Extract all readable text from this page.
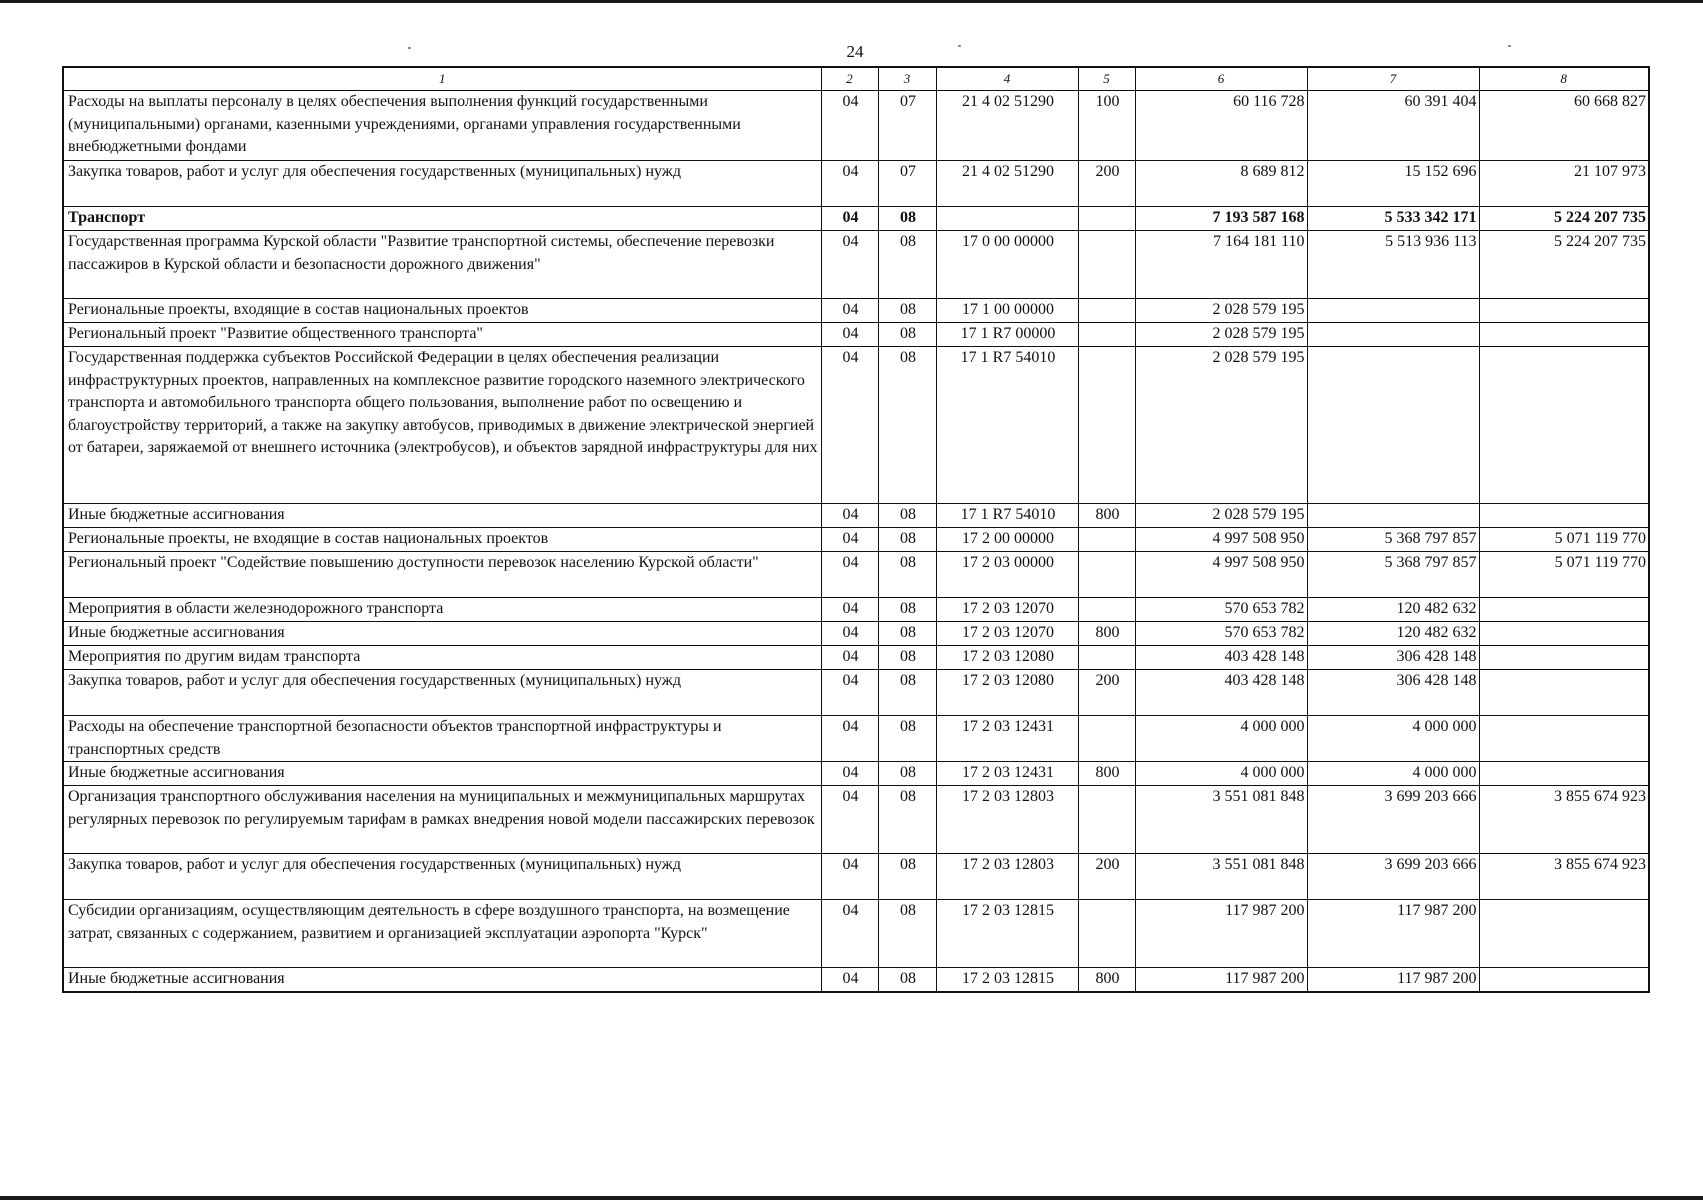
24
1	2	3	4	5	6	7	8
Расходы на выплаты персоналу в целях обеспечения выполнения функций государственными (муниципальными) органами, казенными учреждениями, органами управления государственными внебюджетными фондами	04	07	21 4 02 51290	100	60 116 728	60 391 404	60 668 827
Закупка товаров, работ и услуг для обеспечения государственных (муниципальных) нужд	04	07	21 4 02 51290	200	8 689 812	15 152 696	21 107 973
Транспорт	04	08			7 193 587 168	5 533 342 171	5 224 207 735
Государственная программа Курской области "Развитие транспортной системы, обеспечение перевозки пассажиров в Курской области и безопасности дорожного движения"	04	08	17 0 00 00000		7 164 181 110	5 513 936 113	5 224 207 735
Региональные проекты, входящие в состав национальных проектов	04	08	17 1 00 00000		2 028 579 195		
Региональный проект "Развитие общественного транспорта"	04	08	17 1 R7 00000		2 028 579 195		
Государственная поддержка субъектов Российской Федерации в целях обеспечения реализации инфраструктурных проектов, направленных на комплексное развитие городского наземного электрического транспорта и автомобильного транспорта общего пользования, выполнение работ по освещению и благоустройству территорий, а также на закупку автобусов, приводимых в движение электрической энергией от батареи, заряжаемой от внешнего источника (электробусов), и объектов зарядной инфраструктуры для них	04	08	17 1 R7 54010		2 028 579 195		
Иные бюджетные ассигнования	04	08	17 1 R7 54010	800	2 028 579 195		
Региональные проекты, не входящие в состав национальных проектов	04	08	17 2 00 00000		4 997 508 950	5 368 797 857	5 071 119 770
Региональный проект "Содействие повышению доступности перевозок населению Курской области"	04	08	17 2 03 00000		4 997 508 950	5 368 797 857	5 071 119 770
Мероприятия в области железнодорожного транспорта	04	08	17 2 03 12070		570 653 782	120 482 632	
Иные бюджетные ассигнования	04	08	17 2 03 12070	800	570 653 782	120 482 632	
Мероприятия по другим видам транспорта	04	08	17 2 03 12080		403 428 148	306 428 148	
Закупка товаров, работ и услуг для обеспечения государственных (муниципальных) нужд	04	08	17 2 03 12080	200	403 428 148	306 428 148	
Расходы на обеспечение транспортной безопасности объектов транспортной инфраструктуры и транспортных средств	04	08	17 2 03 12431		4 000 000	4 000 000	
Иные бюджетные ассигнования	04	08	17 2 03 12431	800	4 000 000	4 000 000	
Организация транспортного обслуживания населения на муниципальных и межмуниципальных маршрутах регулярных перевозок по регулируемым тарифам в рамках внедрения новой модели пассажирских перевозок	04	08	17 2 03 12803		3 551 081 848	3 699 203 666	3 855 674 923
Закупка товаров, работ и услуг для обеспечения государственных (муниципальных) нужд	04	08	17 2 03 12803	200	3 551 081 848	3 699 203 666	3 855 674 923
Субсидии организациям, осуществляющим деятельность в сфере воздушного транспорта, на возмещение затрат, связанных с содержанием, развитием и организацией эксплуатации аэропорта "Курск"	04	08	17 2 03 12815		117 987 200	117 987 200	
Иные бюджетные ассигнования	04	08	17 2 03 12815	800	117 987 200	117 987 200	
